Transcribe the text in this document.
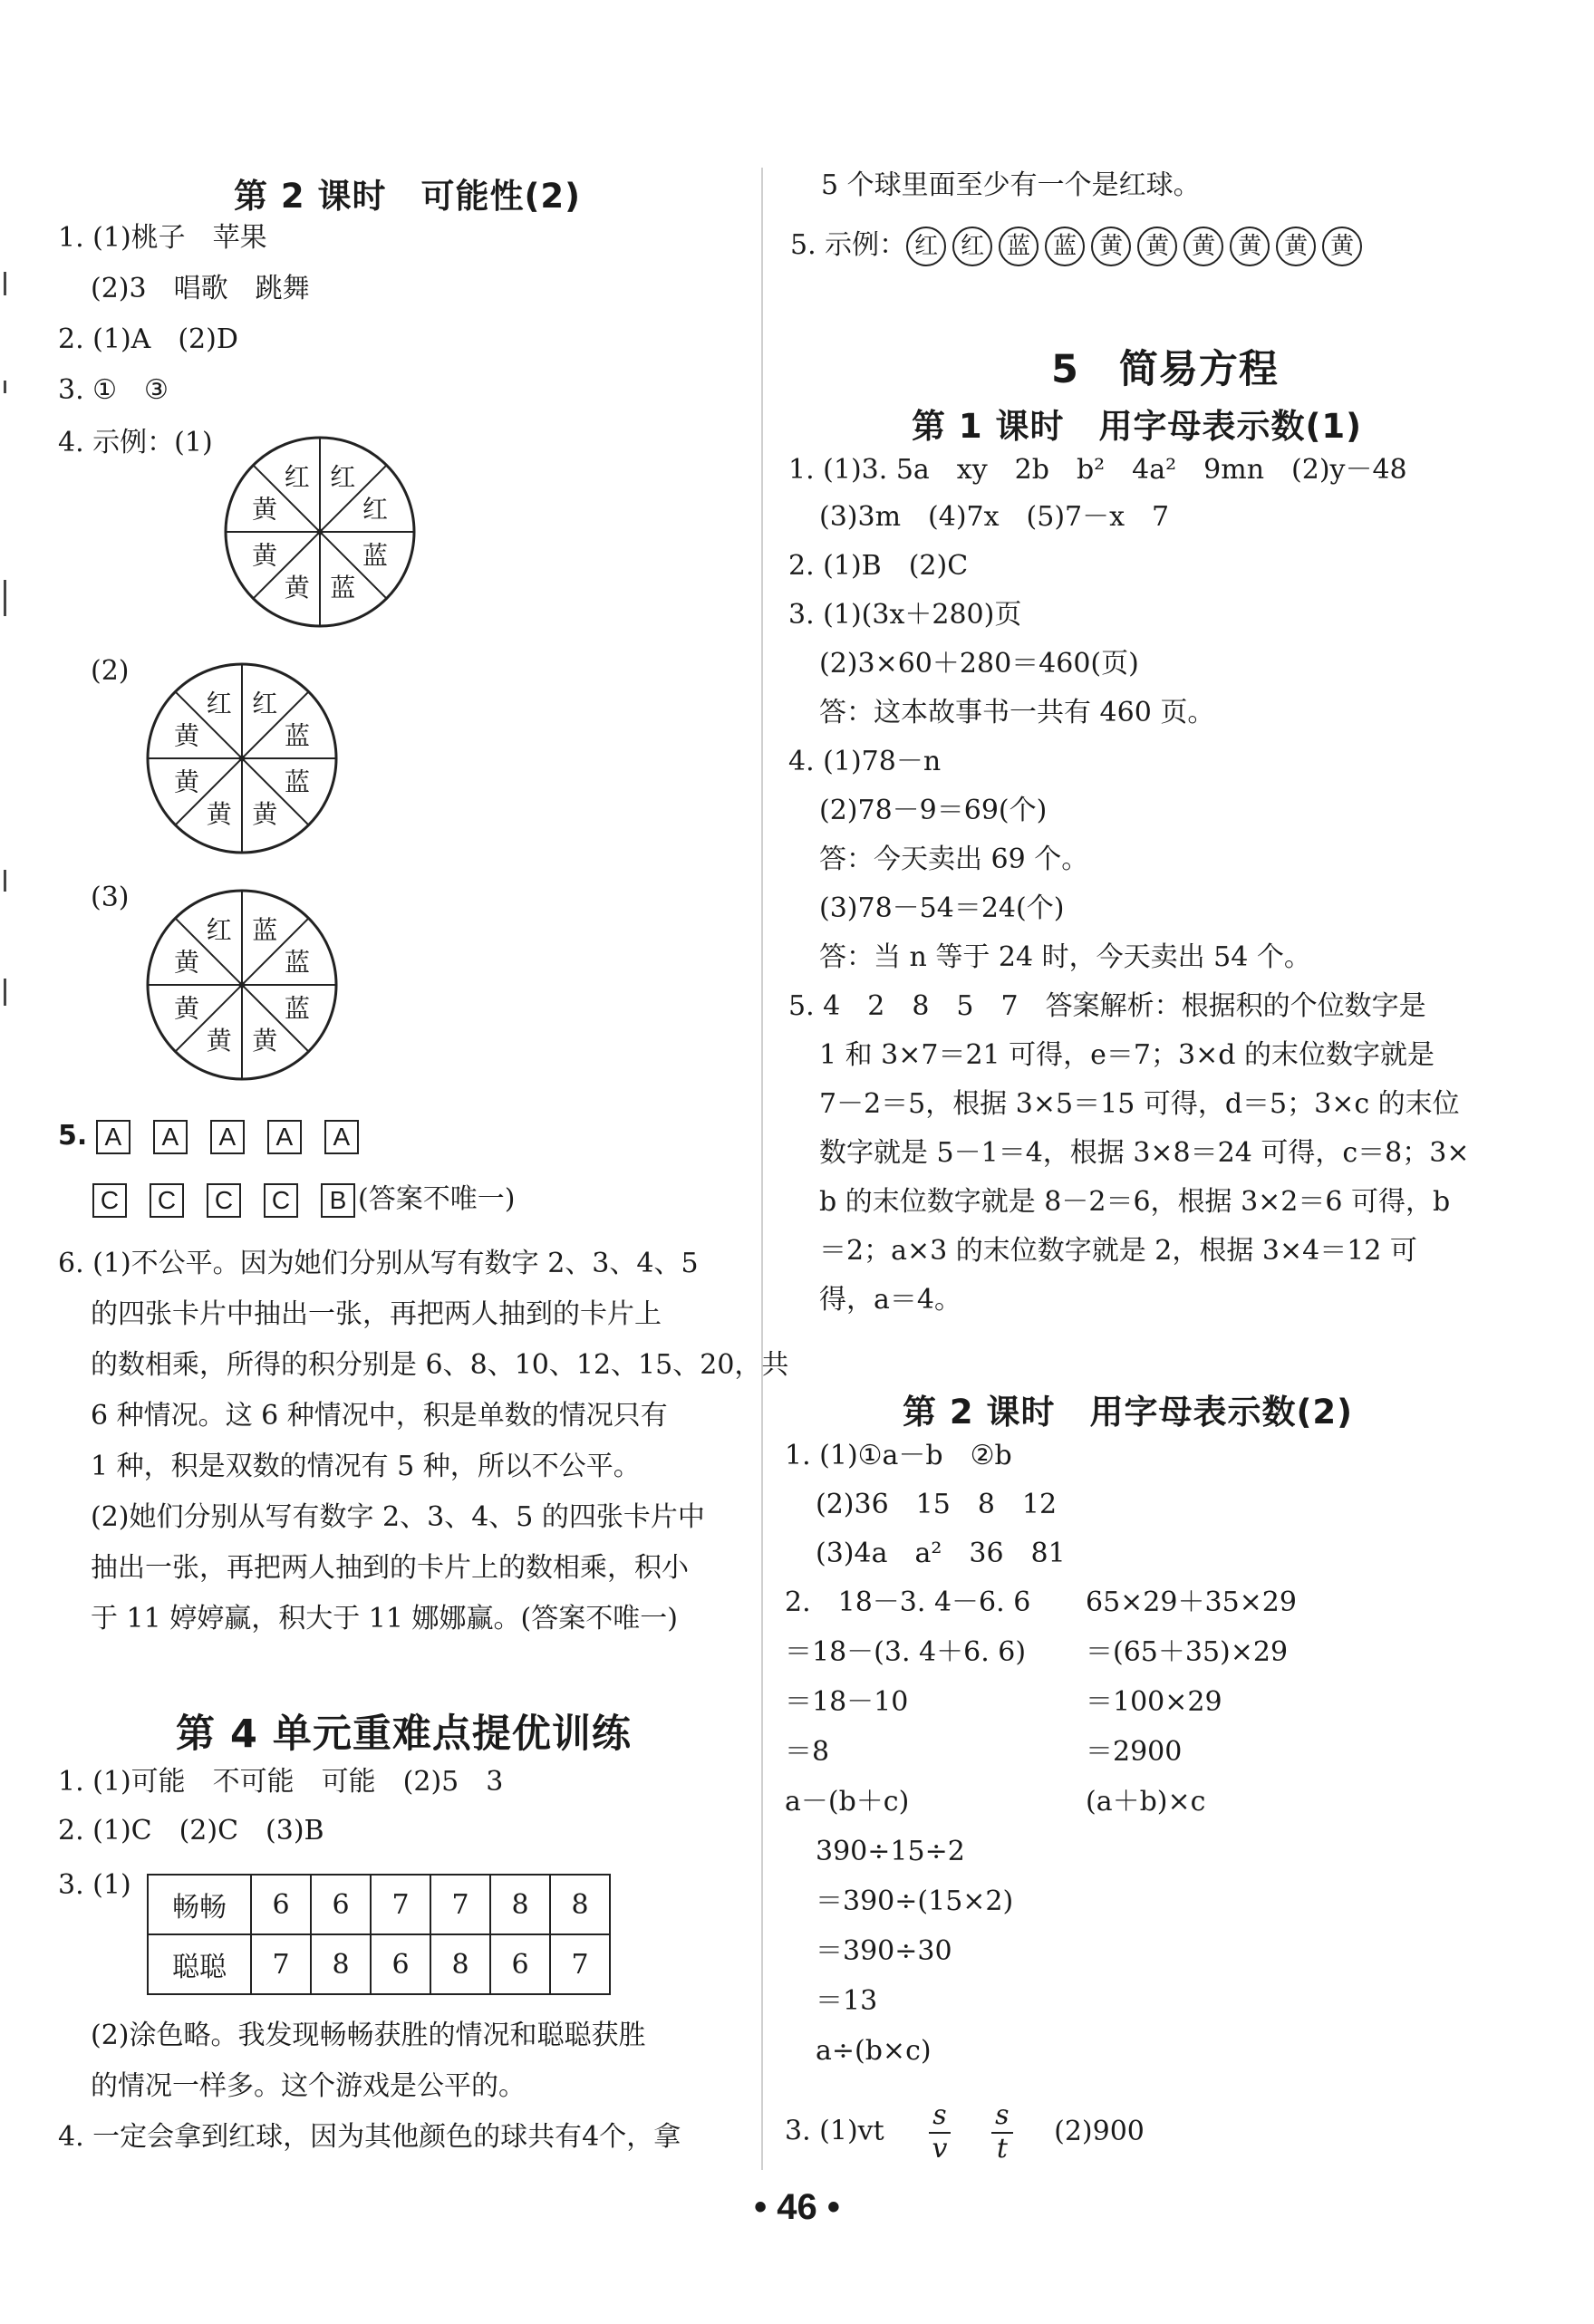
第 2 课时　可能性(2)
1. (1)桃子　苹果
(2)3　唱歌　跳舞
2. (1)A　(2)D
3. ①　③
4. 示例：(1)
红
红
蓝
蓝
黄
黄
黄
红
(2)
红
蓝
蓝
黄
黄
黄
黄
红
(3)
蓝
蓝
蓝
黄
黄
黄
黄
红
5. A A A A A
C C C C B (答案不唯一)
6. (1)不公平。因为她们分别从写有数字 2、3、4、5
的四张卡片中抽出一张，再把两人抽到的卡片上
的数相乘，所得的积分别是 6、8、10、12、15、20，共
6 种情况。这 6 种情况中，积是单数的情况只有
1 种，积是双数的情况有 5 种，所以不公平。
(2)她们分别从写有数字 2、3、4、5 的四张卡片中
抽出一张，再把两人抽到的卡片上的数相乘，积小
于 11 婷婷赢，积大于 11 娜娜赢。(答案不唯一)
第 4 单元重难点提优训练
1. (1)可能　不可能　可能　(2)5　3
2. (1)C　(2)C　(3)B
3. (1)
畅畅	6	6	7	7	8	8
聪聪	7	8	6	8	6	7
(2)涂色略。我发现畅畅获胜的情况和聪聪获胜
的情况一样多。这个游戏是公平的。
4. 一定会拿到红球，因为其他颜色的球共有4个，拿
5 个球里面至少有一个是红球。
5. 示例： 红 红 蓝 蓝 黄 黄 黄 黄 黄 黄
5　简易方程
第 1 课时　用字母表示数(1)
1. (1)3. 5a　xy　2b　b²　4a²　9mn　(2)y－48
(3)3m　(4)7x　(5)7－x　7
2. (1)B　(2)C
3. (1)(3x＋280)页
(2)3×60＋280＝460(页)
答：这本故事书一共有 460 页。
4. (1)78－n
(2)78－9＝69(个)
答：今天卖出 69 个。
(3)78－54＝24(个)
答：当 n 等于 24 时，今天卖出 54 个。
5. 4　2　8　5　7　答案解析：根据积的个位数字是
1 和 3×7＝21 可得，e＝7；3×d 的末位数字就是
7－2＝5，根据 3×5＝15 可得，d＝5；3×c 的末位
数字就是 5－1＝4，根据 3×8＝24 可得，c＝8；3×
b 的末位数字就是 8－2＝6，根据 3×2＝6 可得，b
＝2；a×3 的末位数字就是 2，根据 3×4＝12 可
得，a＝4。
第 2 课时　用字母表示数(2)
1. (1)①a－b　②b
(2)36　15　8　12
(3)4a　a²　36　81
2.　18－3. 4－6. 6
＝18－(3. 4＋6. 6)
＝18－10
＝8
a－(b＋c)
65×29＋35×29
＝(65＋35)×29
＝100×29
＝2900
(a＋b)×c
390÷15÷2
＝390÷(15×2)
＝390÷30
＝13
a÷(b×c)
3. $(1)vt \frac{s}{v}$
$\frac{s}{t} (2)900$
• 46 •
